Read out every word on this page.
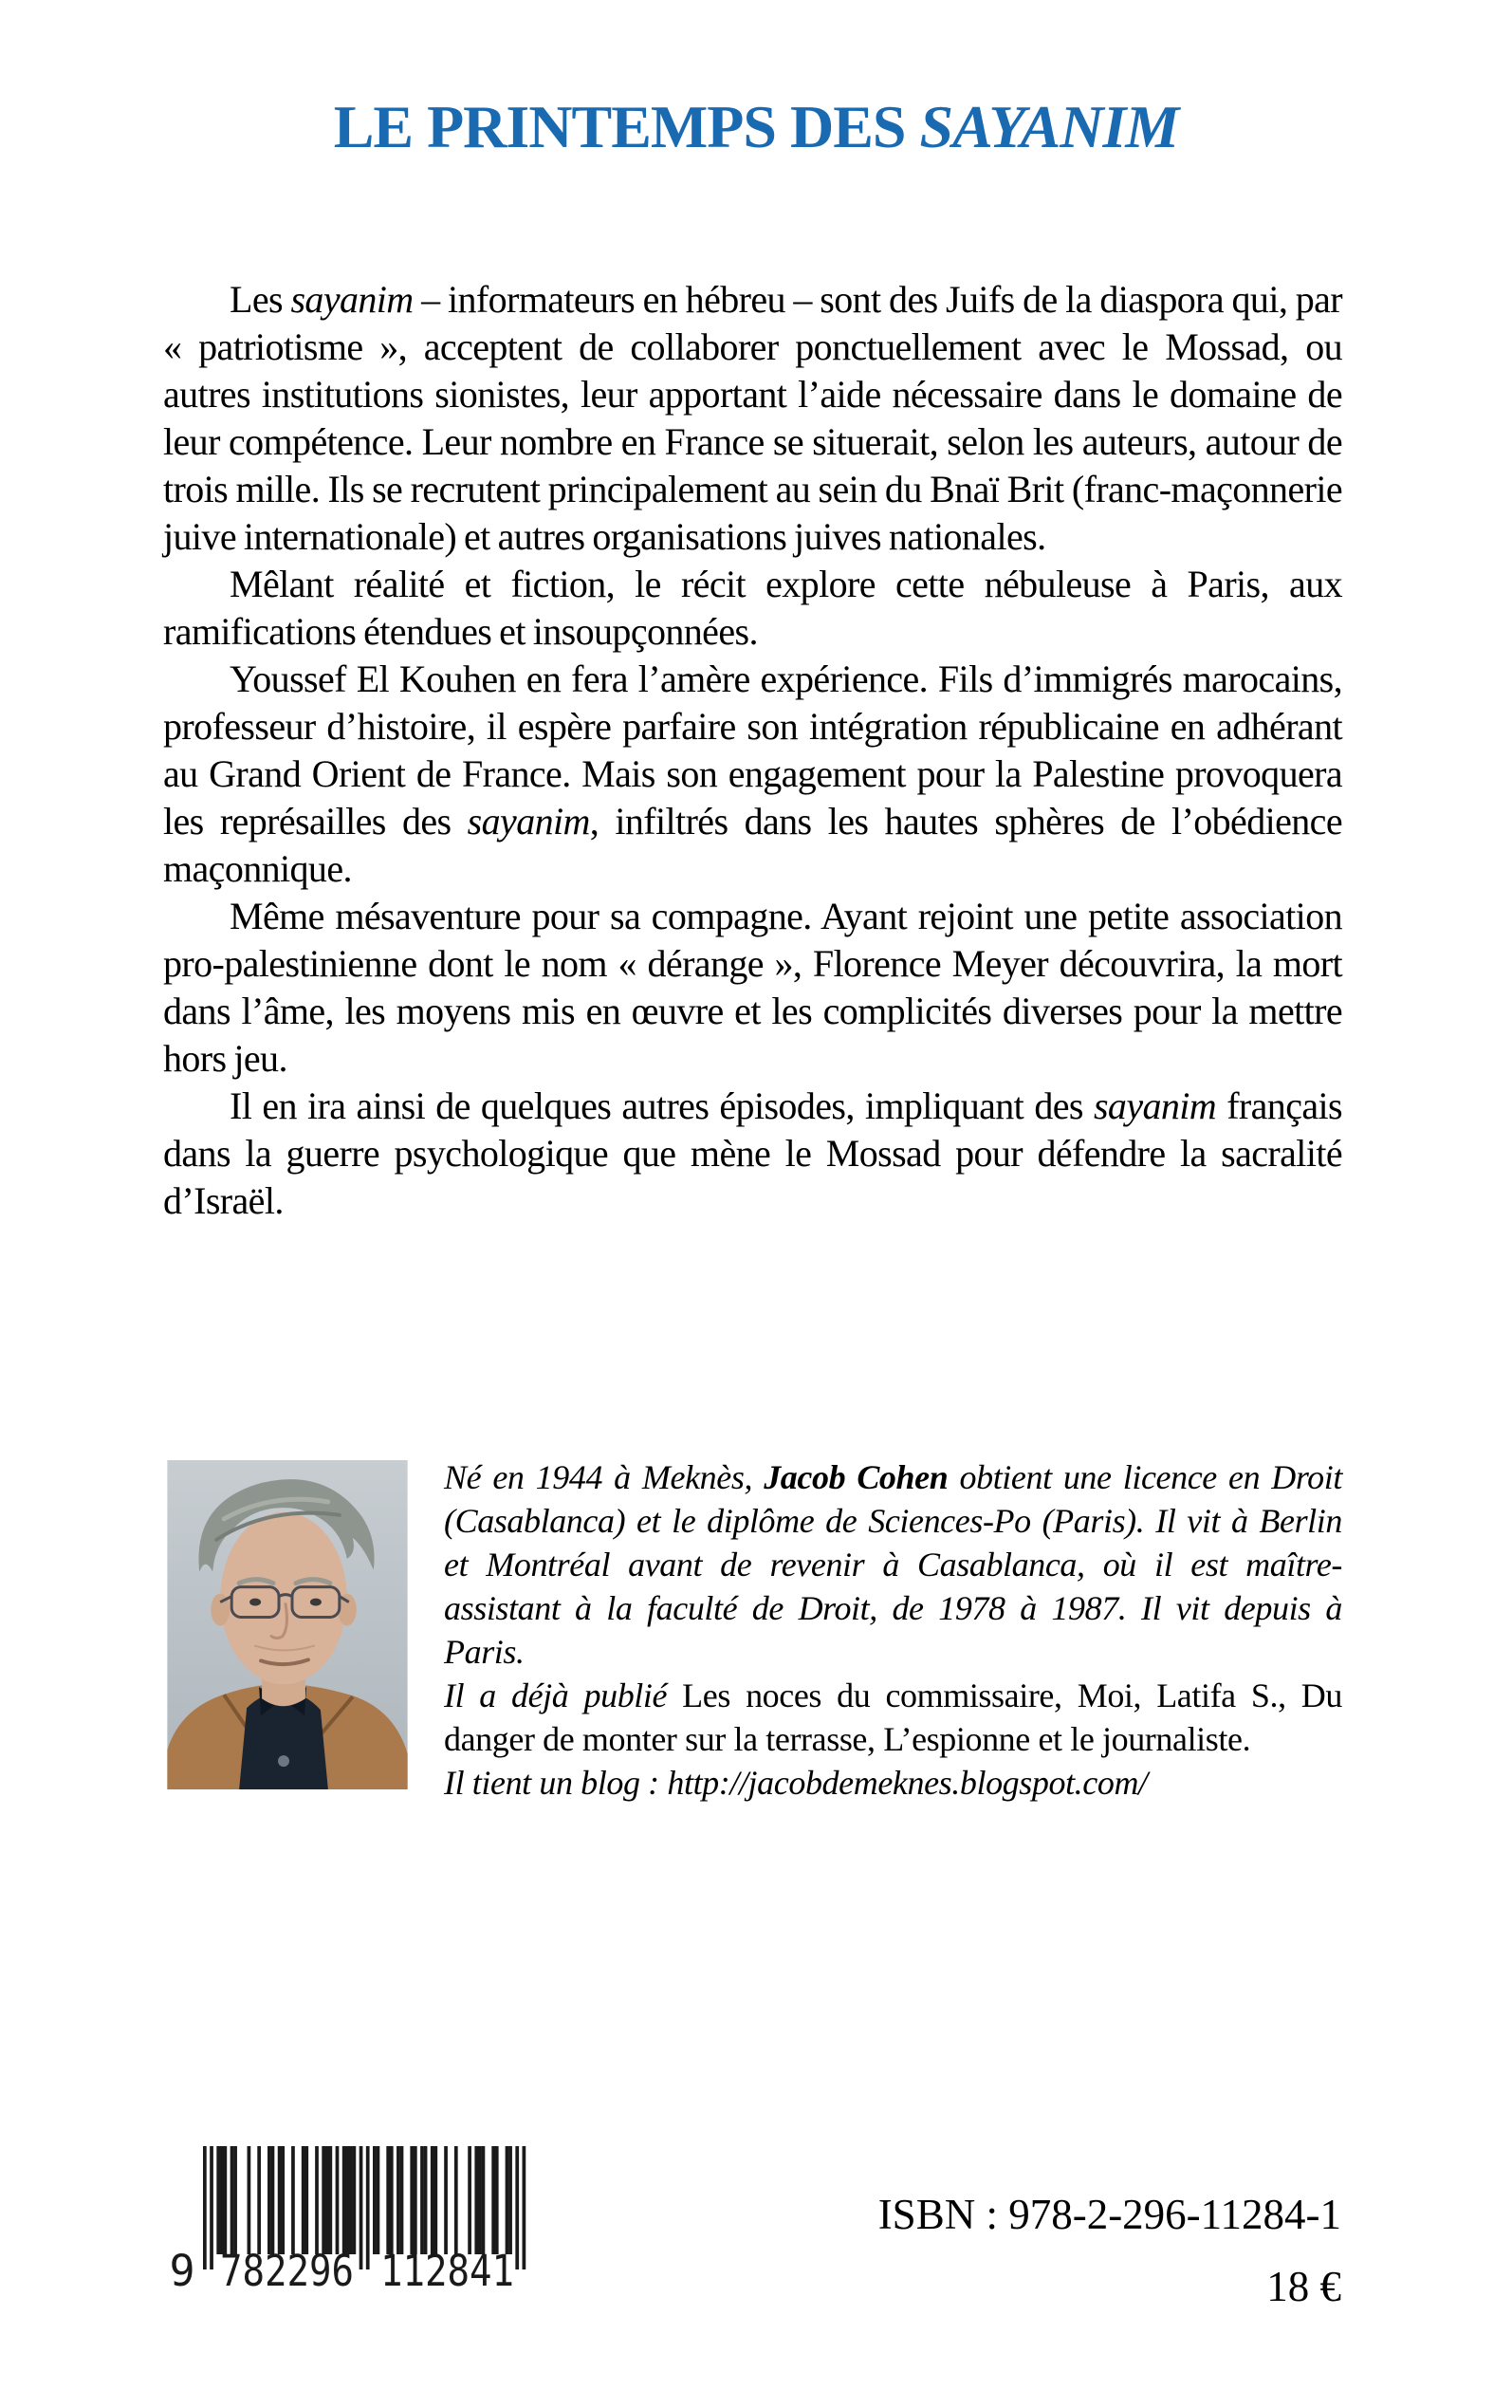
LE PRINTEMPS DES SAYANIM

Les sayanim – informateurs en hébreu – sont des Juifs de la diaspora qui, par « patriotisme », acceptent de collaborer ponctuellement avec le Mossad, ou autres institutions sionistes, leur apportant l’aide nécessaire dans le domaine de leur compétence. Leur nombre en France se situerait, selon les auteurs, autour de trois mille. Ils se recrutent principalement au sein du Bnaï Brit (franc-maçonnerie juive internationale) et autres organisations juives nationales.

Mêlant réalité et fiction, le récit explore cette nébuleuse à Paris, aux ramifications étendues et insoupçonnées.

Youssef El Kouhen en fera l’amère expérience. Fils d’immigrés marocains, professeur d’histoire, il espère parfaire son intégration républicaine en adhérant au Grand Orient de France. Mais son engagement pour la Palestine provoquera les représailles des sayanim, infiltrés dans les hautes sphères de l’obédience maçonnique.

Même mésaventure pour sa compagne. Ayant rejoint une petite association pro-palestinienne dont le nom « dérange », Florence Meyer découvrira, la mort dans l’âme, les moyens mis en œuvre et les complicités diverses pour la mettre hors jeu.

Il en ira ainsi de quelques autres épisodes, impliquant des sayanim français dans la guerre psychologique que mène le Mossad pour défendre la sacralité d’Israël.

Né en 1944 à Meknès, Jacob Cohen obtient une licence en Droit (Casablanca) et le diplôme de Sciences-Po (Paris). Il vit à Berlin et Montréal avant de revenir à Casablanca, où il est maître-assistant à la faculté de Droit, de 1978 à 1987. Il vit depuis à Paris.

Il a déjà publié Les noces du commissaire, Moi, Latifa S., Du danger de monter sur la terrasse, L’espionne et le journaliste.

Il tient un blog : http://jacobdemeknes.blogspot.com/

9 782296 112841
ISBN : 978-2-296-11284-1
18 €
